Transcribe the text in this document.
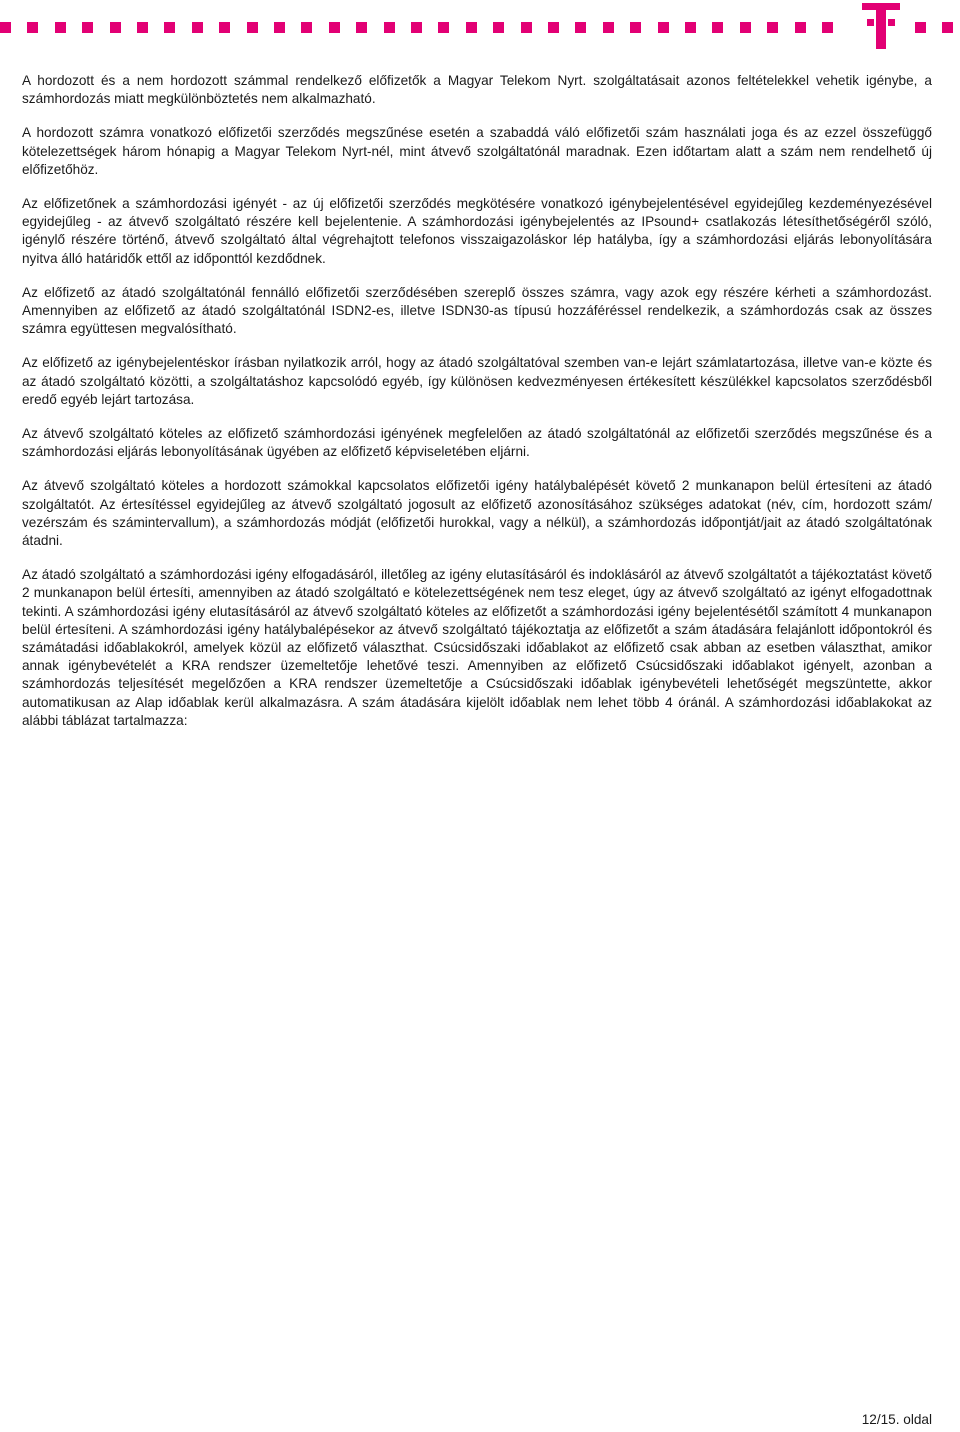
A hordozott és a nem hordozott számmal rendelkező előfizetők a Magyar Telekom Nyrt. szolgáltatásait azonos feltételekkel vehetik igénybe, a számhordozás miatt megkülönböztetés nem alkalmazható.

A hordozott számra vonatkozó előfizetői szerződés megszűnése esetén a szabaddá váló előfizetői szám használati joga és az ezzel összefüggő kötelezettségek három hónapig a Magyar Telekom Nyrt-nél, mint átvevő szolgáltatónál maradnak. Ezen időtartam alatt a szám nem rendelhető új előfizetőhöz.

Az előfizetőnek a számhordozási igényét - az új előfizetői szerződés megkötésére vonatkozó igénybejelentésével egyidejűleg kezdeményezésével egyidejűleg - az átvevő szolgáltató részére kell bejelentenie. A számhordozási igénybejelentés az IPsound+ csatlakozás létesíthetőségéről szóló, igénylő részére történő, átvevő szolgáltató által végrehajtott telefonos visszaigazoláskor lép hatályba, így a számhordozási eljárás lebonyolítására nyitva álló határidők ettől az időponttól kezdődnek.

Az előfizető az átadó szolgáltatónál fennálló előfizetői szerződésében szereplő összes számra, vagy azok egy részére kérheti a számhordozást. Amennyiben az előfizető az átadó szolgáltatónál ISDN2-es, illetve ISDN30-as típusú hozzáféréssel rendelkezik, a számhordozás csak az összes számra együttesen megvalósítható.

Az előfizető az igénybejelentéskor írásban nyilatkozik arról, hogy az átadó szolgáltatóval szemben van-e lejárt számlatartozása, illetve van-e közte és az átadó szolgáltató közötti, a szolgáltatáshoz kapcsolódó egyéb, így különösen kedvezményesen értékesített készülékkel kapcsolatos szerződésből eredő egyéb lejárt tartozása.

Az átvevő szolgáltató köteles az előfizető számhordozási igényének megfelelően az átadó szolgáltatónál az előfizetői szerződés megszűnése és a számhordozási eljárás lebonyolításának ügyében az előfizető képviseletében eljárni.

Az átvevő szolgáltató köteles a hordozott számokkal kapcsolatos előfizetői igény hatálybalépését követő 2 munkanapon belül értesíteni az átadó szolgáltatót. Az értesítéssel egyidejűleg az átvevő szolgáltató jogosult az előfizető azonosításához szükséges adatokat (név, cím, hordozott szám/ vezérszám és számintervallum), a számhordozás módját (előfizetői hurokkal, vagy a nélkül), a számhordozás időpontját/jait az átadó szolgáltatónak átadni.

Az átadó szolgáltató a számhordozási igény elfogadásáról, illetőleg az igény elutasításáról és indoklásáról az átvevő szolgáltatót a tájékoztatást követő 2 munkanapon belül értesíti, amennyiben az átadó szolgáltató e kötelezettségének nem tesz eleget, úgy az átvevő szolgáltató az igényt elfogadottnak tekinti. A számhordozási igény elutasításáról az átvevő szolgáltató köteles az előfizetőt a számhordozási igény bejelentésétől számított 4 munkanapon belül értesíteni. A számhordozási igény hatálybalépésekor az átvevő szolgáltató tájékoztatja az előfizetőt a szám átadására felajánlott időpontokról és számátadási időablakokról, amelyek közül az előfizető választhat. Csúcsidőszaki időablakot az előfizető csak abban az esetben választhat, amikor annak igénybevételét a KRA rendszer üzemeltetője lehetővé teszi. Amennyiben az előfizető Csúcsidőszaki időablakot igényelt, azonban a számhordozás teljesítését megelőzően a KRA rendszer üzemeltetője a Csúcsidőszaki időablak igénybevételi lehetőségét megszüntette, akkor automatikusan az Alap időablak kerül alkalmazásra. A szám átadására kijelölt időablak nem lehet több 4 óránál. A számhordozási időablakokat az alábbi táblázat tartalmazza:

12/15. oldal
